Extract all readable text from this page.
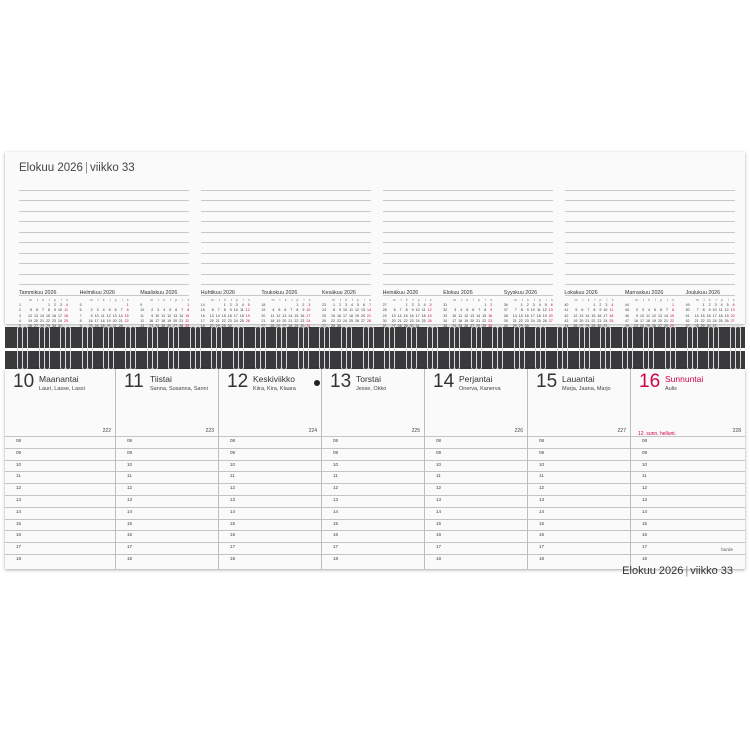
Elokuu 2026 | viikko 33
Tammikuu 2026
	m	t	k	t	p	l	s
1				1	2	3	4
2	5	6	7	8	9	10	11
3	12	13	14	15	16	17	18
4	19	20	21	22	23	24	25

Helmikuu 2026
	m	t	k	t	p	l	s
5							1
6	2	3	4	5	6	7	8
7	9	10	11	12	13	14	15
8	16	17	18	19	20	21	22

Maaliskuu 2026
	m	t	k	t	p	l	s
9							1
10	2	3	4	5	6	7	8
11	9	10	11	12	13	14	15
12	16	17	18	19	20	21	22

Huhtikuu 2026
	m	t	k	t	p	l	s
14			1	2	3	4	5
15	6	7	8	9	10	11	12
16	13	14	15	16	17	18	19
17	20	21	22	23	24	25	26

Toukokuu 2026
	m	t	k	t	p	l	s
18					1	2	3
19	4	5	6	7	8	9	10
20	11	12	13	14	15	16	17
21	18	19	20	21	22	23	24

Kesäkuu 2026
	m	t	k	t	p	l	s
23	1	2	3	4	5	6	7
24	8	9	10	11	12	13	14
25	15	16	17	18	19	20	21
26	22	23	24	25	26	27	28

Heinäkuu 2026
	m	t	k	t	p	l	s
27			1	2	3	4	5
28	6	7	8	9	10	11	12
29	13	14	15	16	17	18	19
30	20	21	22	23	24	25	26

Elokuu 2026
	m	t	k	t	p	l	s
31						1	2
32	3	4	5	6	7	8	9
33	10	11	12	13	14	15	16
34	17	18	19	20	21	22	23

Syyskuu 2026
	m	t	k	t	p	l	s
36		1	2	3	4	5	6
37	7	8	9	10	11	12	13
38	14	15	16	17	18	19	20
39	21	22	23	24	25	26	27

Lokakuu 2026
	m	t	k	t	p	l	s
40				1	2	3	4
41	5	6	7	8	9	10	11
42	12	13	14	15	16	17	18
43	19	20	21	22	23	24	25

Marraskuu 2026
	m	t	k	t	p	l	s
44							1
45	2	3	4	5	6	7	8
46	9	10	11	12	13	14	15
47	16	17	18	19	20	21	22

Joulukuu 2026
	m	t	k	t	p	l	s
49		1	2	3	4	5	6
50	7	8	9	10	11	12	13
51	14	15	16	17	18	19	20
52	21	22	23	24	25	26	27

10 Maanantai
Lauri, Lasse, Lassi
222
08
09
10
11
12
13
14
15
16
17
18
11 Tiistai
Sanna, Susanna, Sanni
223
08
09
10
11
12
13
14
15
16
17
18
12 Keskiviikko
Kiira, Kira, Klaara
224
08
09
10
11
12
13
14
15
16
17
18
13 Torstai
Jesse, Okko
225
08
09
10
11
12
13
14
15
16
17
18
14 Perjantai
Onerva, Kanerva
226
08
09
10
11
12
13
14
15
16
17
18
15 Lauantai
Marja, Jaana, Marjo
227
08
09
10
11
12
13
14
15
16
17
18
16 Sunnuntai
Aulis
228
12. sunn. hellunt.
08
09
10
11
12
13
14
15
16
17
18
burde
Elokuu 2026 | viikko 33
